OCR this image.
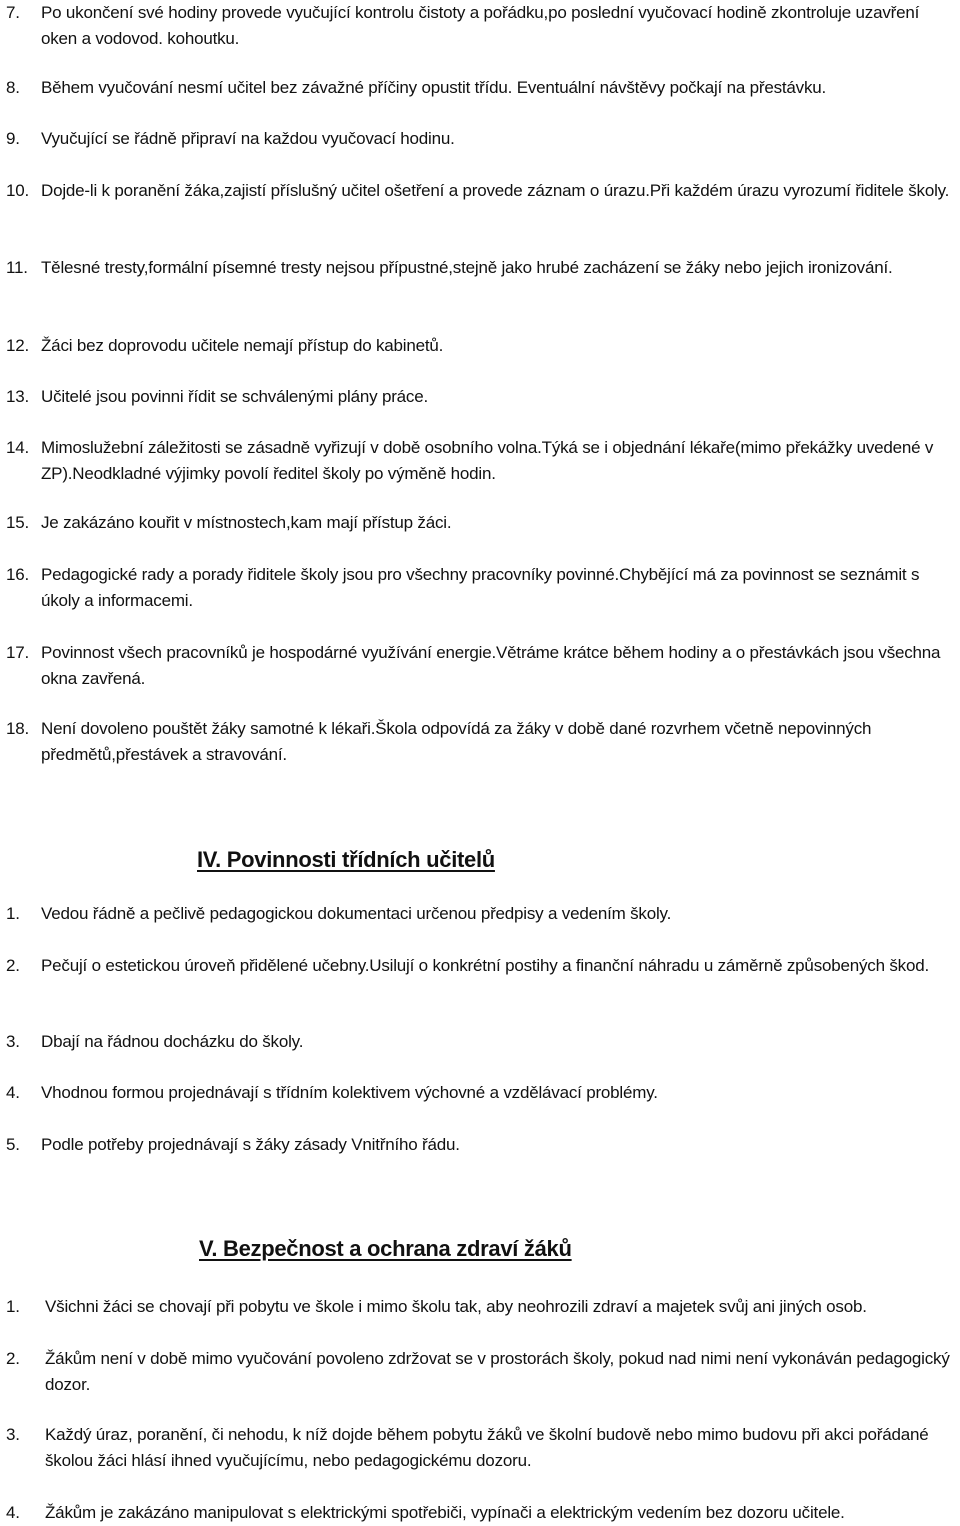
7. Po ukončení své hodiny provede vyučující kontrolu čistoty a pořádku,po poslední vyučovací hodině zkontroluje uzavření oken a vodovod. kohoutku.
8. Během vyučování nesmí učitel bez závažné příčiny opustit třídu. Eventuální návštěvy počkají na přestávku.
9. Vyučující se řádně připraví na každou vyučovací hodinu.
10. Dojde-li k poranění žáka,zajistí příslušný učitel ošetření a provede záznam o úrazu.Při každém úrazu vyrozumí řiditele školy.
11. Tělesné tresty,formální písemné tresty nejsou přípustné,stejně jako hrubé zacházení se žáky nebo jejich ironizování.
12. Žáci bez doprovodu učitele nemají přístup do kabinetů.
13. Učitelé jsou povinni řídit se schválenými plány práce.
14. Mimoslužební záležitosti se zásadně vyřizují v době osobního volna.Týká se i objednání lékaře(mimo překážky uvedené v ZP).Neodkladné výjimky povolí ředitel školy po výměně hodin.
15. Je zakázáno kouřit v místnostech,kam mají přístup žáci.
16. Pedagogické rady a porady řiditele školy jsou pro všechny pracovníky povinné.Chybějící má za povinnost se seznámit s úkoly a informacemi.
17. Povinnost všech pracovníků je hospodárné využívání energie.Větráme krátce během hodiny a o přestávkách jsou všechna okna zavřená.
18. Není dovoleno pouštět žáky samotné k lékaři.Škola odpovídá za žáky v době dané rozvrhem včetně nepovinných předmětů,přestávek a stravování.
IV. Povinnosti třídních učitelů
1. Vedou řádně a pečlivě pedagogickou dokumentaci určenou předpisy a vedením školy.
2. Pečují o estetickou úroveň přidělené učebny.Usilují o konkrétní postihy a finanční náhradu u záměrně způsobených škod.
3. Dbají na řádnou docházku do školy.
4. Vhodnou formou projednávají s třídním kolektivem výchovné a vzdělávací problémy.
5. Podle potřeby projednávají s žáky zásady Vnitřního řádu.
V. Bezpečnost a ochrana zdraví žáků
1. Všichni žáci se chovají při pobytu ve škole i mimo školu tak, aby neohrozili zdraví a majetek svůj ani jiných osob.
2. Žákům není v době mimo vyučování povoleno zdržovat se v prostorách školy, pokud nad nimi není vykonáván pedagogický dozor.
3. Každý úraz, poranění, či nehodu, k níž dojde během pobytu žáků ve školní budově nebo mimo budovu při akci pořádané školou žáci hlásí ihned vyučujícímu, nebo pedagogickému dozoru.
4. Žákům je zakázáno manipulovat s elektrickými spotřebiči, vypínači a elektrickým vedením bez dozoru učitele.
